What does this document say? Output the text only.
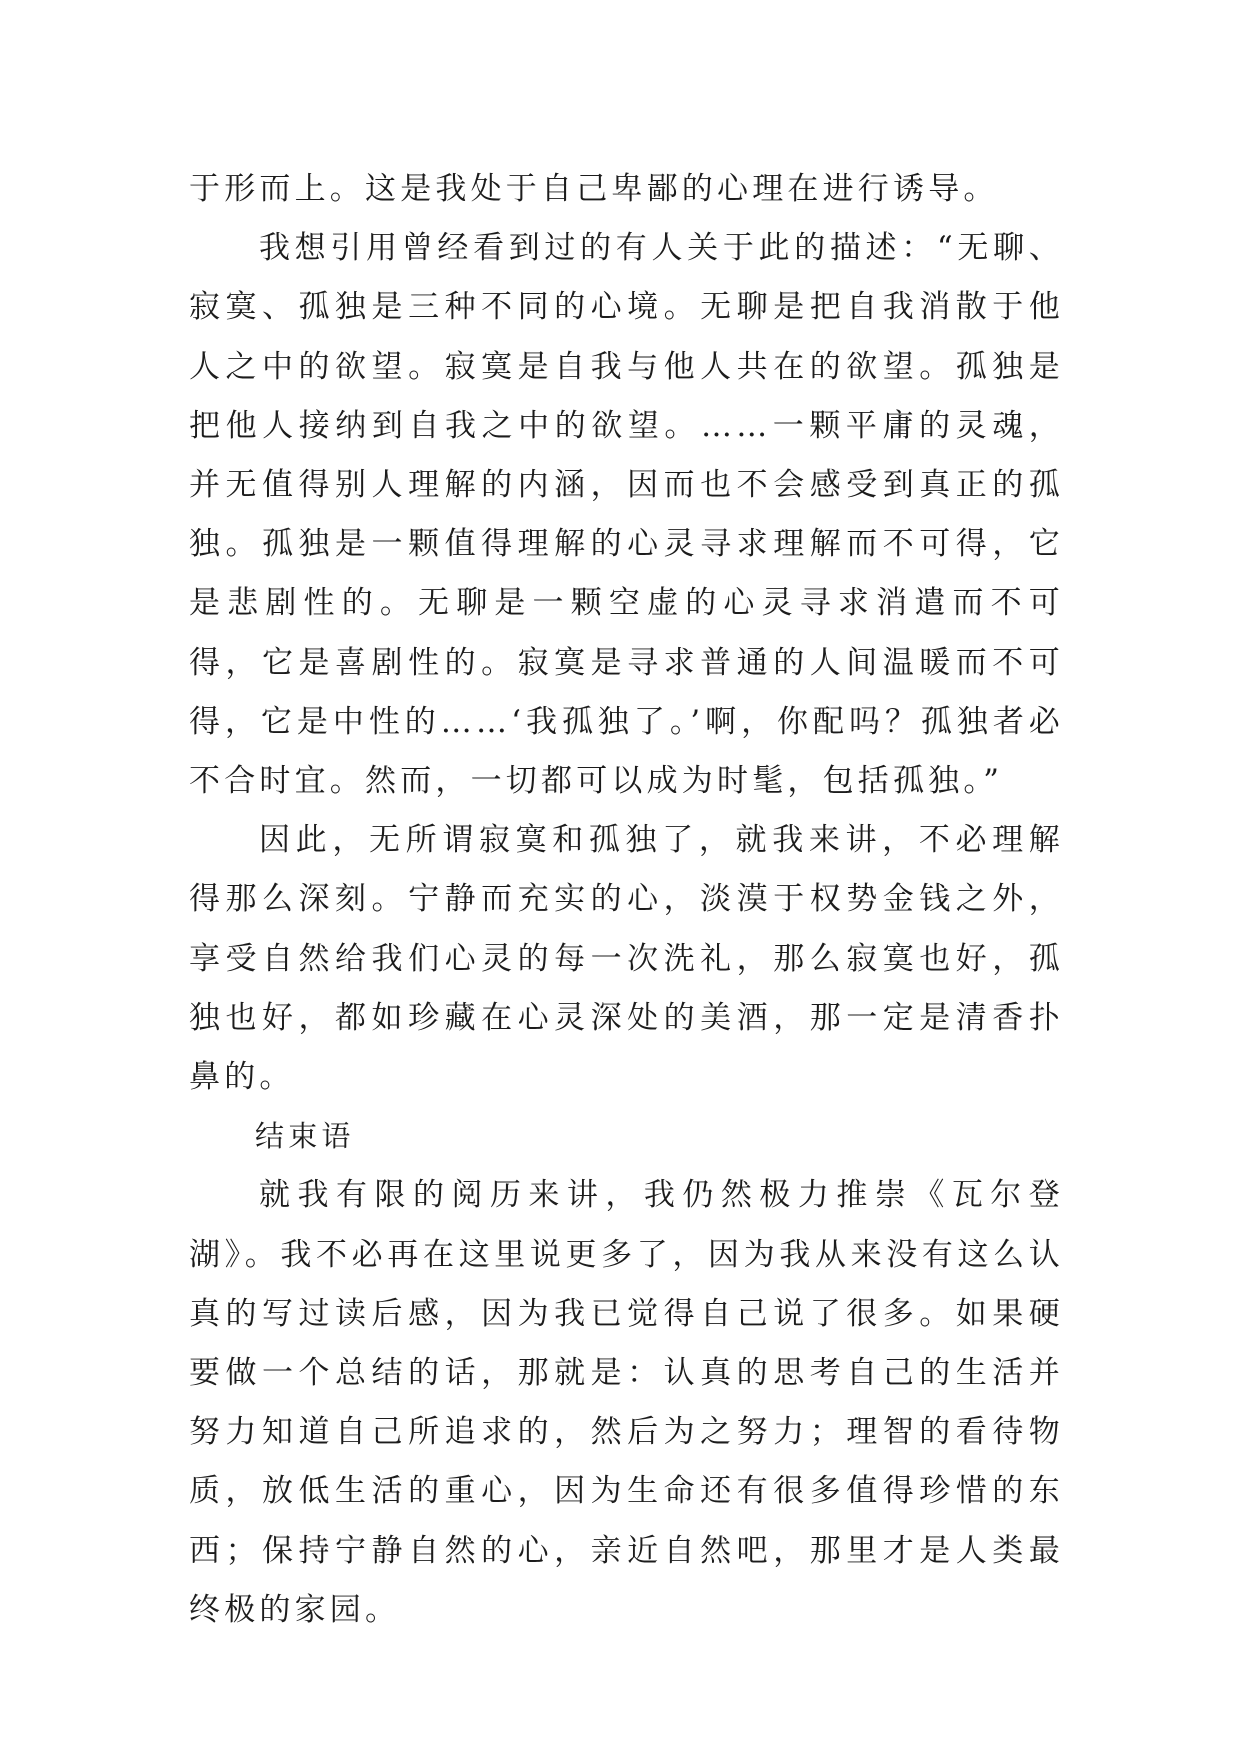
于形而上。这是我处于自己卑鄙的心理在进行诱导。

我想引用曾经看到过的有人关于此的描述：“无聊、寂寞、孤独是三种不同的心境。无聊是把自我消散于他人之中的欲望。寂寞是自我与他人共在的欲望。孤独是把他人接纳到自我之中的欲望。……一颗平庸的灵魂，并无值得别人理解的内涵，因而也不会感受到真正的孤独。孤独是一颗值得理解的心灵寻求理解而不可得，它是悲剧性的。无聊是一颗空虚的心灵寻求消遣而不可得，它是喜剧性的。寂寞是寻求普通的人间温暖而不可得，它是中性的……‘我孤独了。’啊，你配吗？孤独者必不合时宜。然而，一切都可以成为时髦，包括孤独。”

因此，无所谓寂寞和孤独了，就我来讲，不必理解得那么深刻。宁静而充实的心，淡漠于权势金钱之外，享受自然给我们心灵的每一次洗礼，那么寂寞也好，孤独也好，都如珍藏在心灵深处的美酒，那一定是清香扑鼻的。

结束语

就我有限的阅历来讲，我仍然极力推崇《瓦尔登湖》。我不必再在这里说更多了，因为我从来没有这么认真的写过读后感，因为我已觉得自己说了很多。如果硬要做一个总结的话，那就是：认真的思考自己的生活并努力知道自己所追求的，然后为之努力；理智的看待物质，放低生活的重心，因为生命还有很多值得珍惜的东西；保持宁静自然的心，亲近自然吧，那里才是人类最终极的家园。
